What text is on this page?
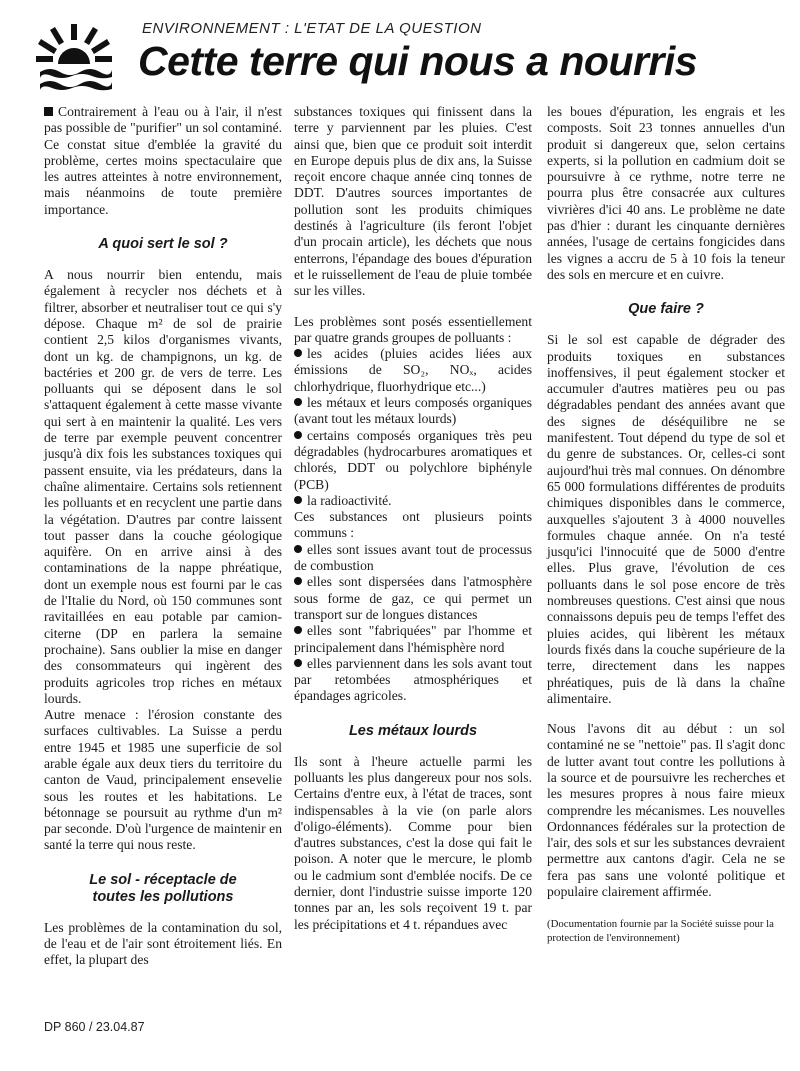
ENVIRONNEMENT : L'ETAT DE LA QUESTION
Cette terre qui nous a nourris

Contrairement à l'eau ou à l'air, il n'est pas possible de "purifier" un sol contaminé. Ce constat situe d'emblée la gravité du problème, certes moins spectaculaire que les autres atteintes à notre environnement, mais néanmoins de toute première importance.

A quoi sert le sol ?

A nous nourrir bien entendu, mais également à recycler nos déchets et à filtrer, absorber et neutraliser tout ce qui s'y dépose. Chaque m² de sol de prairie contient 2,5 kilos d'organismes vivants, dont un kg. de champignons, un kg. de bactéries et 200 gr. de vers de terre. Les polluants qui se déposent dans le sol s'attaquent également à cette masse vivante qui sert à en maintenir la qualité. Les vers de terre par exemple peuvent concentrer jusqu'à dix fois les substances toxiques qui passent ensuite, via les prédateurs, dans la chaîne alimentaire. Certains sols retiennent les polluants et en recyclent une partie dans la végétation. D'autres par contre laissent tout passer dans la couche géologique aquifère. On en arrive ainsi à des contaminations de la nappe phréatique, dont un exemple nous est fourni par le cas de l'Italie du Nord, où 150 communes sont ravitaillées en eau potable par camion-citerne (DP en parlera la semaine prochaine). Sans oublier la mise en danger des consommateurs qui ingèrent des produits agricoles trop riches en métaux lourds.

Autre menace : l'érosion constante des surfaces cultivables. La Suisse a perdu entre 1945 et 1985 une superficie de sol arable égale aux deux tiers du territoire du canton de Vaud, principalement ensevelie sous les routes et les habitations. Le bétonnage se poursuit au rythme d'un m² par seconde. D'où l'urgence de maintenir en santé la terre qui nous reste.

Le sol - réceptacle de
toutes les pollutions

Les problèmes de la contamination du sol, de l'eau et de l'air sont étroitement liés. En effet, la plupart des

substances toxiques qui finissent dans la terre y parviennent par les pluies. C'est ainsi que, bien que ce produit soit interdit en Europe depuis plus de dix ans, la Suisse reçoit encore chaque année cinq tonnes de DDT. D'autres sources importantes de pollution sont les produits chimiques destinés à l'agriculture (ils feront l'objet d'un procain article), les déchets que nous enterrons, l'épandage des boues d'épuration et le ruissellement de l'eau de pluie tombée sur les villes.

Les problèmes sont posés essentiellement par quatre grands groupes de polluants :

les acides (pluies acides liées aux émissions de SO₂, NOₓ, acides chlorhydrique, fluorhydrique etc...)

les métaux et leurs composés organiques (avant tout les métaux lourds)

certains composés organiques très peu dégradables (hydrocarbures aromatiques et chlorés, DDT ou polychlore biphényle (PCB)

la radioactivité.

Ces substances ont plusieurs points communs :

elles sont issues avant tout de processus de combustion

elles sont dispersées dans l'atmosphère sous forme de gaz, ce qui permet un transport sur de longues distances

elles sont "fabriquées" par l'homme et principalement dans l'hémisphère nord

elles parviennent dans les sols avant tout par retombées atmosphériques et épandages agricoles.

Les métaux lourds

Ils sont à l'heure actuelle parmi les polluants les plus dangereux pour nos sols. Certains d'entre eux, à l'état de traces, sont indispensables à la vie (on parle alors d'oligo-éléments). Comme pour bien d'autres substances, c'est la dose qui fait le poison. A noter que le mercure, le plomb ou le cadmium sont d'emblée nocifs. De ce dernier, dont l'industrie suisse importe 120 tonnes par an, les sols reçoivent 19 t. par les précipitations et 4 t. répandues avec

les boues d'épuration, les engrais et les composts. Soit 23 tonnes annuelles d'un produit si dangereux que, selon certains experts, si la pollution en cadmium doit se poursuivre à ce rythme, notre terre ne pourra plus être consacrée aux cultures vivrières d'ici 40 ans. Le problème ne date pas d'hier : durant les cinquante dernières années, l'usage de certains fongicides dans les vignes a accru de 5 à 10 fois la teneur des sols en mercure et en cuivre.

Que faire ?

Si le sol est capable de dégrader des produits toxiques en substances inoffensives, il peut également stocker et accumuler d'autres matières peu ou pas dégradables pendant des années avant que des signes de déséquilibre ne se manifestent. Tout dépend du type de sol et du genre de substances. Or, celles-ci sont aujourd'hui très mal connues. On dénombre 65 000 formulations différentes de produits chimiques disponibles dans le commerce, auxquelles s'ajoutent 3 à 4000 nouvelles formules chaque année. On n'a testé jusqu'ici l'innocuité que de 5000 d'entre elles. Plus grave, l'évolution de ces polluants dans le sol pose encore de très nombreuses questions. C'est ainsi que nous connaissons depuis peu de temps l'effet des pluies acides, qui libèrent les métaux lourds fixés dans la couche supérieure de la terre, directement dans les nappes phréatiques, puis de là dans la chaîne alimentaire.

Nous l'avons dit au début : un sol contaminé ne se "nettoie" pas. Il s'agit donc de lutter avant tout contre les pollutions à la source et de poursuivre les recherches et les mesures propres à nous faire mieux comprendre les mécanismes. Les nouvelles Ordonnances fédérales sur la protection de l'air, des sols et sur les substances devraient permettre aux cantons d'agir. Cela ne se fera pas sans une volonté politique et populaire clairement affirmée.

(Documentation fournie par la Société suisse pour la protection de l'environnement)

DP 860 / 23.04.87
